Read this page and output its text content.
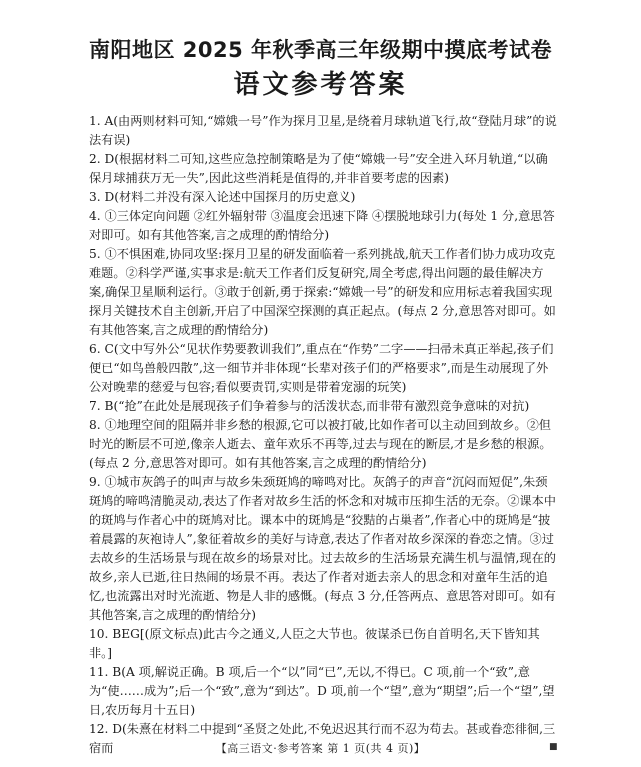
南阳地区 2025 年秋季高三年级期中摸底考试卷
语文参考答案

1. A(由两则材料可知,“嫦娥一号”作为探月卫星,是绕着月球轨道飞行,故“登陆月球”的说法有误)

2. D(根据材料二可知,这些应急控制策略是为了使“嫦娥一号”安全进入环月轨道,“以确保月球捕获万无一失”,因此这些消耗是值得的,并非首要考虑的因素)

3. D(材料二并没有深入论述中国探月的历史意义)

4. ①三体定向问题 ②红外辐射带 ③温度会迅速下降 ④摆脱地球引力(每处 1 分,意思答对即可。如有其他答案,言之成理的酌情给分)

5. ①不惧困难,协同攻坚:探月卫星的研发面临着一系列挑战,航天工作者们协力成功攻克难题。②科学严谨,实事求是:航天工作者们反复研究,周全考虑,得出问题的最佳解决方案,确保卫星顺利运行。③敢于创新,勇于探索:“嫦娥一号”的研发和应用标志着我国实现探月关键技术自主创新,开启了中国深空探测的真正起点。(每点 2 分,意思答对即可。如有其他答案,言之成理的酌情给分)

6. C(文中写外公“见状作势要教训我们”,重点在“作势”二字——扫帚未真正举起,孩子们便已“如鸟兽般四散”,这一细节并非体现“长辈对孩子们的严格要求”,而是生动展现了外公对晚辈的慈爱与包容;看似要责罚,实则是带着宠溺的玩笑)

7. B(“抢”在此处是展现孩子们争着参与的活泼状态,而非带有激烈竞争意味的对抗)

8. ①地理空间的阻隔并非乡愁的根源,它可以被打破,比如作者可以主动回到故乡。②但时光的断层不可逆,像亲人逝去、童年欢乐不再等,过去与现在的断层,才是乡愁的根源。(每点 2 分,意思答对即可。如有其他答案,言之成理的酌情给分)

9. ①城市灰鸽子的叫声与故乡朱颈斑鸠的啼鸣对比。灰鸽子的声音“沉闷而短促”,朱颈斑鸠的啼鸣清脆灵动,表达了作者对故乡生活的怀念和对城市压抑生活的无奈。②课本中的斑鸠与作者心中的斑鸠对比。课本中的斑鸠是“狡黠的占巢者”,作者心中的斑鸠是“披着晨露的灰袍诗人”,象征着故乡的美好与诗意,表达了作者对故乡深深的眷恋之情。③过去故乡的生活场景与现在故乡的场景对比。过去故乡的生活场景充满生机与温情,现在的故乡,亲人已逝,往日热闹的场景不再。表达了作者对逝去亲人的思念和对童年生活的追忆,也流露出对时光流逝、物是人非的感慨。(每点 3 分,任答两点、意思答对即可。如有其他答案,言之成理的酌情给分)

10. BEG[(原文标点)此古今之通义,人臣之大节也。彼谋杀已伤自首明名,天下皆知其非。]

11. B(A 项,解说正确。B 项,后一个“以”同“已”,无以,不得已。C 项,前一个“致”,意为“使……成为”;后一个“致”,意为“到达”。D 项,前一个“望”,意为“期望”;后一个“望”,望日,农历每月十五日)

12. D(朱熹在材料二中提到“圣贤之处此,不免迟迟其行而不忍为苟去。甚或眷恋徘徊,三宿而	【高三语文·参考答案 第 1 页(共 4 页)】	■
